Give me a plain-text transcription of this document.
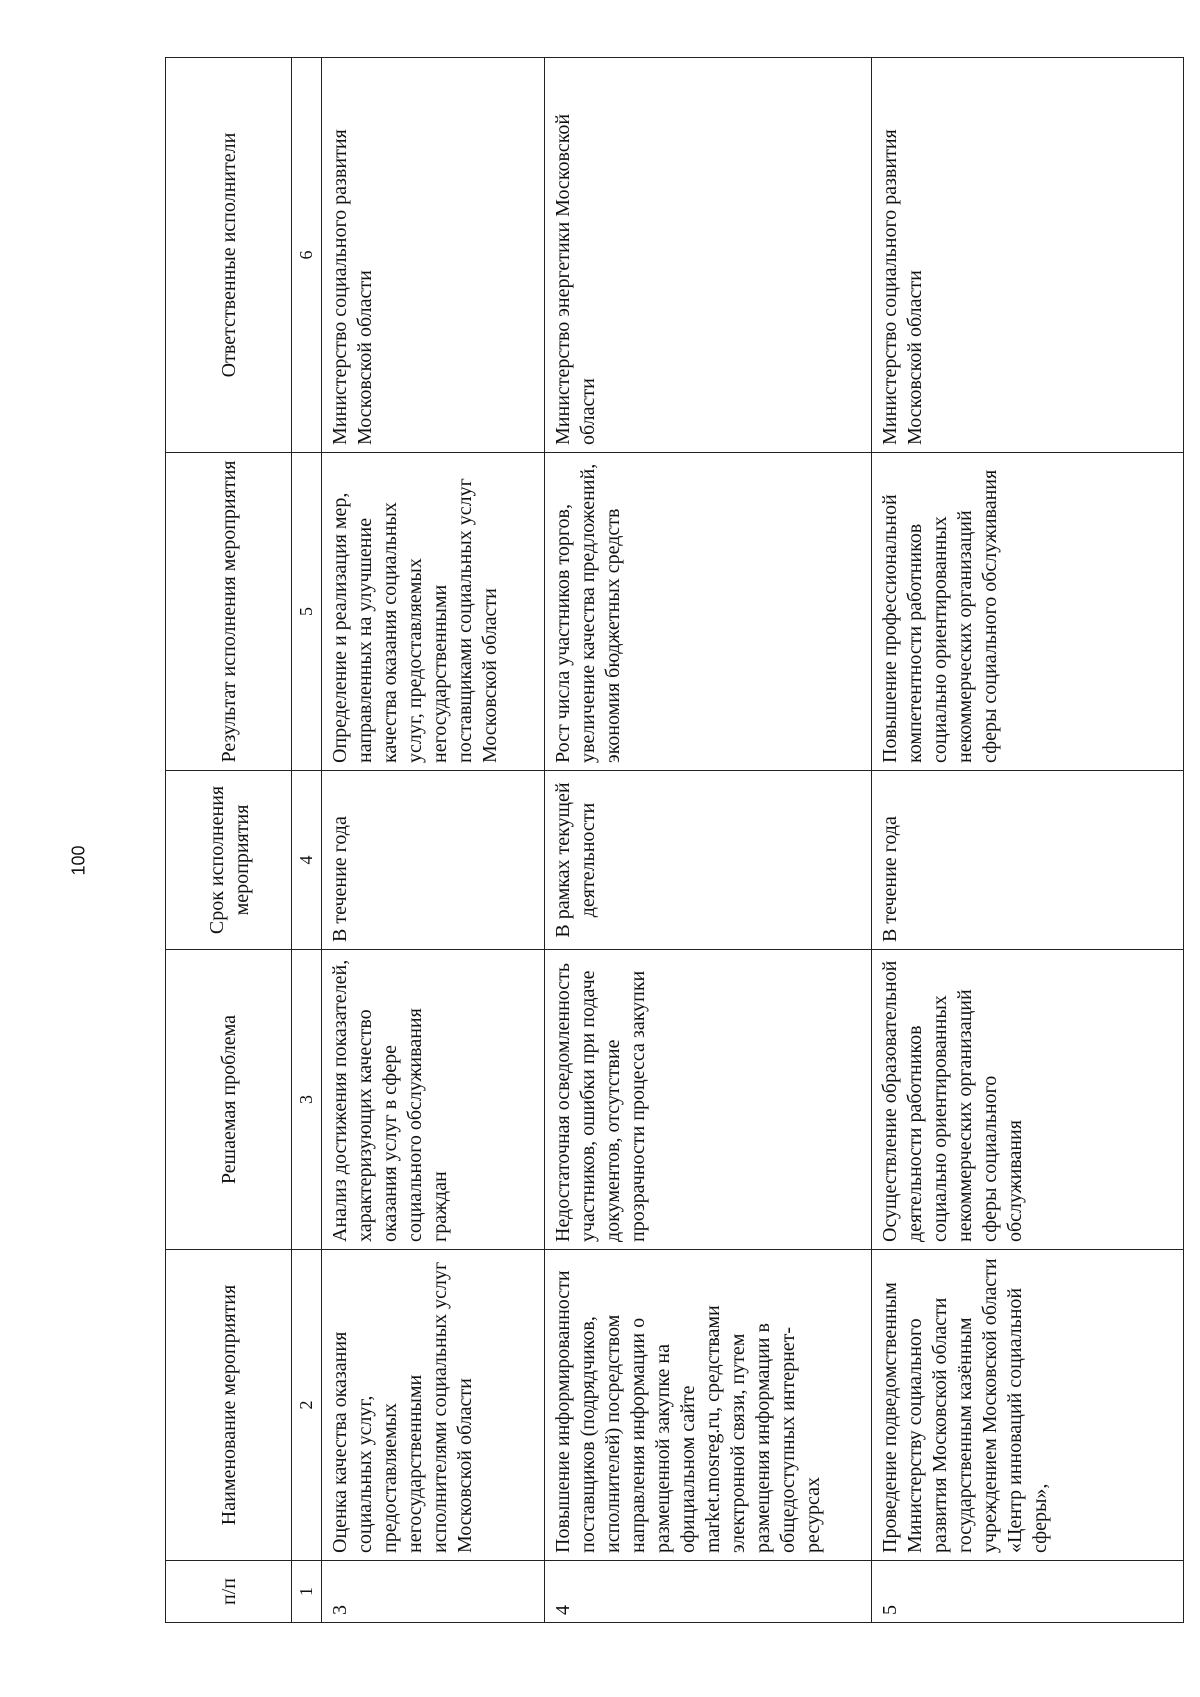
100
п/п	Наименование мероприятия	Решаемая проблема	Срок исполнения мероприятия	Результат исполнения мероприятия	Ответственные исполнители
1	2	3	4	5	6
3	Оценка качества оказания социальных услуг, предоставляемых негосударственными исполнителями социальных услуг Московской области	Анализ достижения показателей, характеризующих качество оказания услуг в сфере социального обслуживания граждан	В течение года	Определение и реализация мер, направленных на улучшение качества оказания социальных услуг, предоставляемых негосударственными поставщиками социальных услуг Московской области	Министерство социального развития Московской области
4	Повышение информированности поставщиков (подрядчиков, исполнителей) посредством направления информации о размещенной закупке на официальном сайте market.mosreg.ru, средствами электронной связи, путем размещения информации в общедоступных интернет-ресурсах	Недостаточная осведомленность участников, ошибки при подаче документов, отсутствие прозрачности процесса закупки	В рамках текущей деятельности	Рост числа участников торгов, увеличение качества предложений, экономия бюджетных средств	Министерство энергетики Московской области
5	Проведение подведомственным Министерству социального развития Московской области государственным казённым учреждением Московской области «Центр инноваций социальной сферы»,	Осуществление образовательной деятельности работников социально ориентированных некоммерческих организаций сферы социального обслуживания	В течение года	Повышение профессиональной компетентности работников социально ориентированных некоммерческих организаций сферы социального обслуживания	Министерство социального развития Московской области
